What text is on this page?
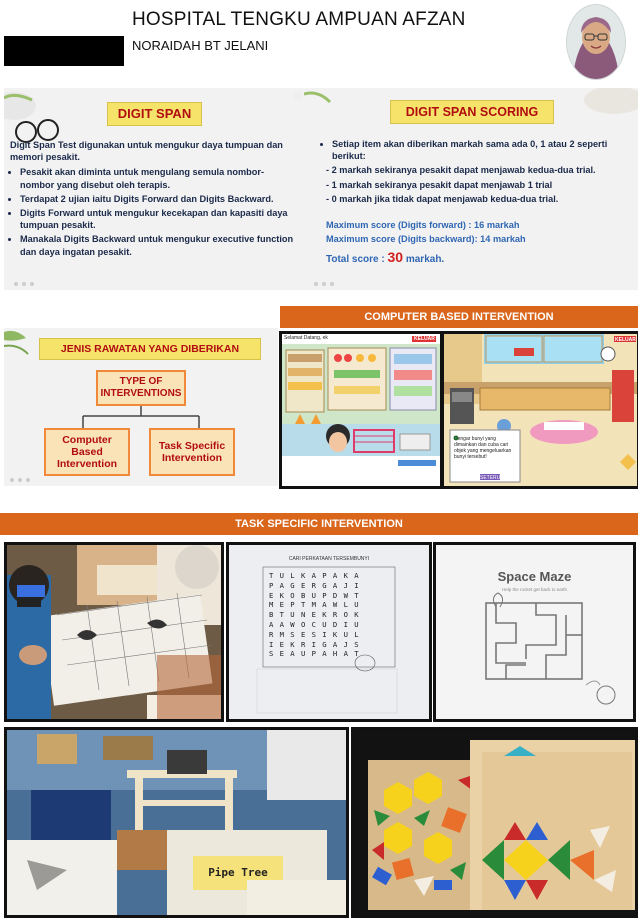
HOSPITAL TENGKU AMPUAN AFZAN
NORAIDAH BT JELANI
DIGIT SPAN
Digit Span Test digunakan untuk mengukur daya tumpuan dan memori pesakit.
• Pesakit akan diminta untuk mengulang semula nombor-nombor yang disebut oleh terapis.
• Terdapat 2 ujian iaitu Digits Forward dan Digits Backward.
• Digits Forward untuk mengukur kecekapan dan kapasiti daya tumpuan pesakit.
• Manakala Digits Backward untuk mengukur executive function dan daya ingatan pesakit.
DIGIT SPAN SCORING
• Setiap item akan diberikan markah sama ada 0, 1 atau 2 seperti berikut:
- 2 markah sekiranya pesakit dapat menjawab kedua-dua trial.
- 1 markah sekiranya pesakit dapat menjawab 1 trial
- 0 markah jika tidak dapat menjawab kedua-dua trial.
Maximum score (Digits forward) : 16 markah
Maximum score (Digits backward): 14 markah
Total score : 30 markah.
JENIS RAWATAN YANG DIBERIKAN
TYPE OF INTERVENTIONS
Computer Based Intervention
Task Specific Intervention
COMPUTER BASED INTERVENTION
Selamat Datang, ek	KELUAR
Dengar bunyi yang dimainkan dan cuba cari objek yang mengeluarkan bunyi tersebut!
SETERUSNYA
KELUAR
TASK SPECIFIC INTERVENTION
CARI PERKATAAN TERSEMBUNYI
T U L K A P A K A
P A G E R G A J I
E K O B U P D W T
M E P T M A W L U
B T U N E K R O K
A A W O C U D I U
R M S E S I K U L
I E K R I G A J S
S E A U P A H A T
Space Maze
Help the rocket get back to earth
Pipe Tree
